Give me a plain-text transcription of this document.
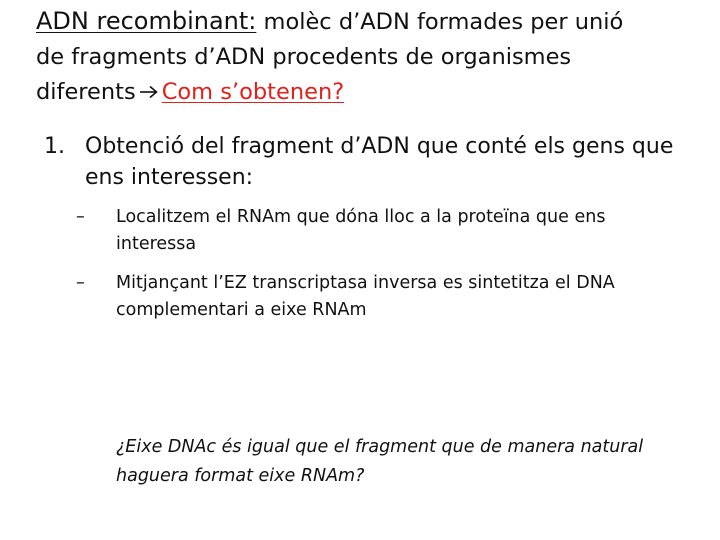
ADN recombinant: molèc d’ADN formades per unió
de fragments d’ADN procedents de organismes
diferents Com s’obtenen?
1. Obtenció del fragment d’ADN que conté els gens que ens interessen:
– Localitzem el RNAm que dóna lloc a la proteïna que ens interessa
– Mitjançant l’EZ transcriptasa inversa es sintetitza el DNA complementari a eixe RNAm
¿Eixe DNAc és igual que el fragment que de manera natural haguera format eixe RNAm?
